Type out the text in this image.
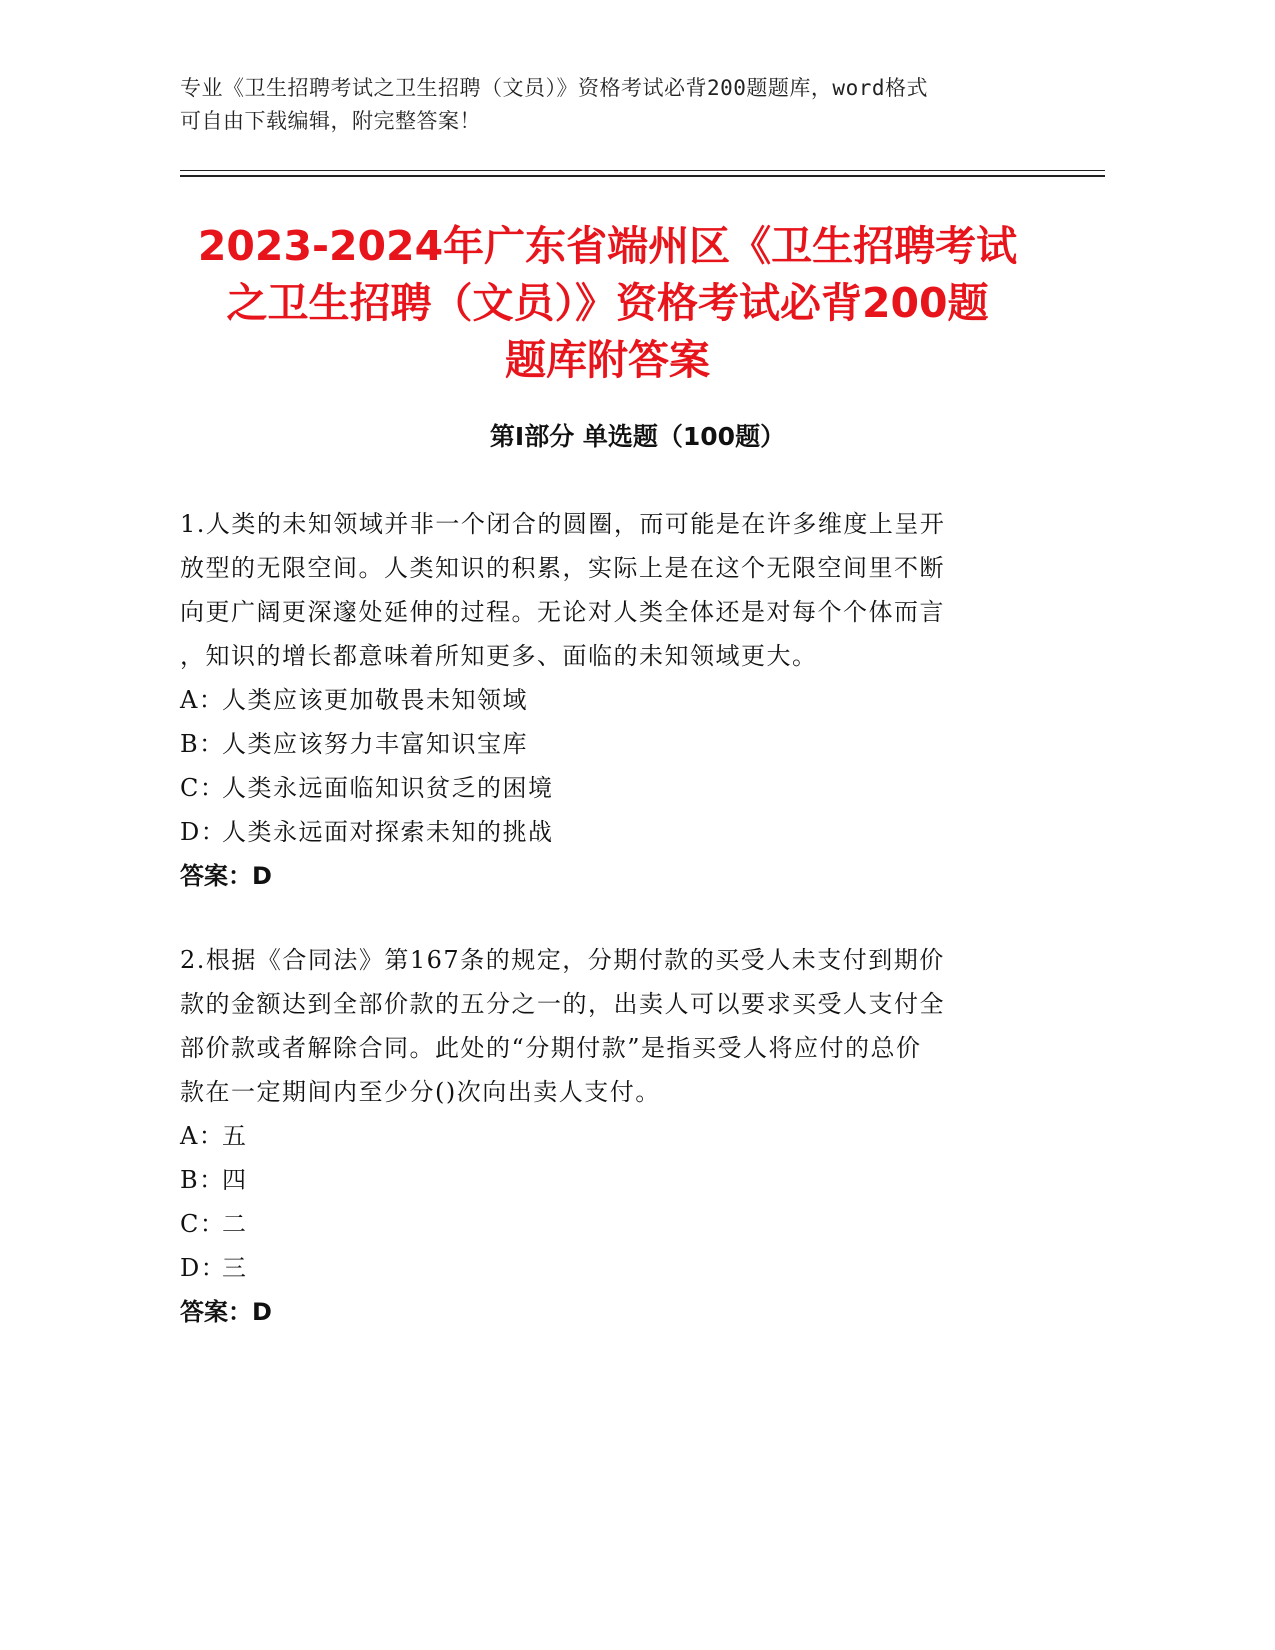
专业《卫生招聘考试之卫生招聘（文员）》资格考试必背200题题库，word格式
可自由下载编辑，附完整答案！
2023-2024年广东省端州区《卫生招聘考试
之卫生招聘（文员）》资格考试必背200题
题库附答案
第Ⅰ部分 单选题（100题）
1.人类的未知领域并非一个闭合的圆圈，而可能是在许多维度上呈开
放型的无限空间。人类知识的积累，实际上是在这个无限空间里不断
向更广阔更深邃处延伸的过程。无论对人类全体还是对每个个体而言
，知识的增长都意味着所知更多、面临的未知领域更大。
A：人类应该更加敬畏未知领域
B：人类应该努力丰富知识宝库
C：人类永远面临知识贫乏的困境
D：人类永远面对探索未知的挑战
答案：D
2.根据《合同法》第167条的规定，分期付款的买受人未支付到期价
款的金额达到全部价款的五分之一的，出卖人可以要求买受人支付全
部价款或者解除合同。此处的“分期付款”是指买受人将应付的总价
款在一定期间内至少分()次向出卖人支付。
A：五
B：四
C：二
D：三
答案：D
